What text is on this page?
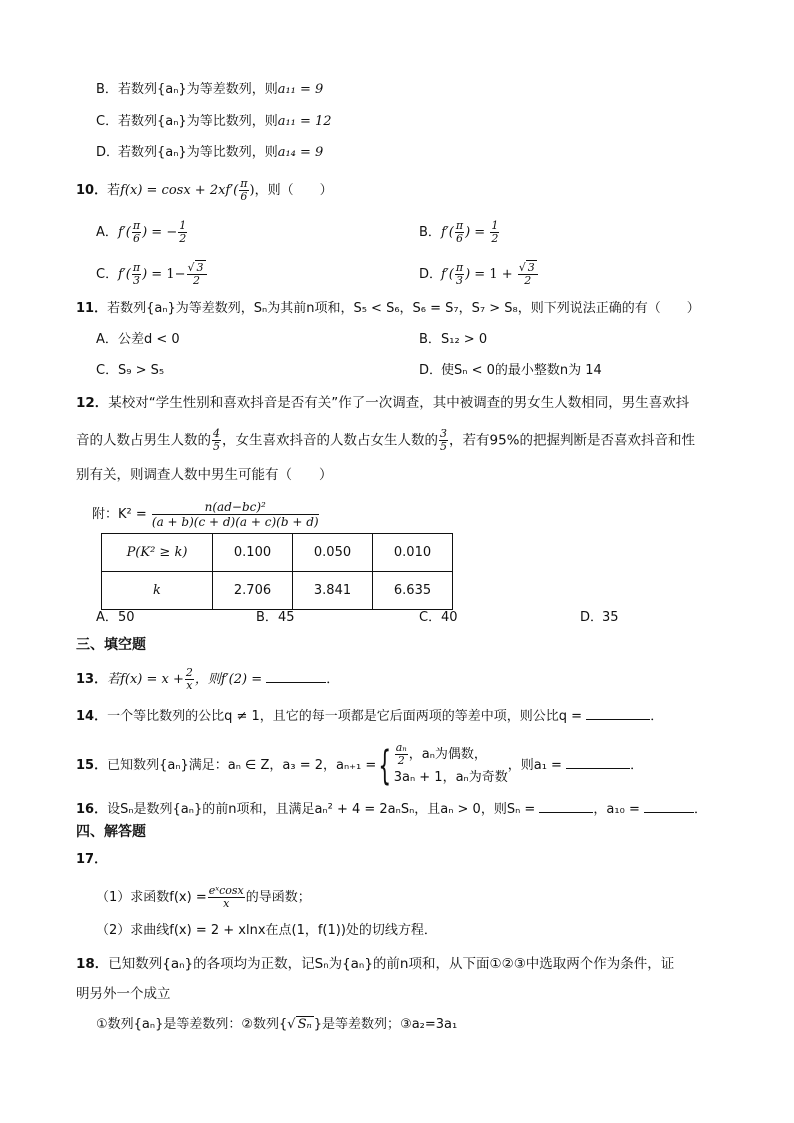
B．若数列{aₙ}为等差数列，则a₁₁ = 9
C．若数列{aₙ}为等比数列，则a₁₁ = 12
D．若数列{aₙ}为等比数列，则a₁₄ = 9
10．若$f(x) = \cos x + 2xf'( \frac{\pi}{6}$ )，则（　　）
A．$f'( \frac{\pi}{6}$ ) = − $\frac{1}{2}$	B．$f'( \frac{\pi}{6}$ ) = $\frac{1}{2}$
C．$f'( \frac{\pi}{3}$ ) = $1- \frac{√ 3}{2}$	D．$f'( \frac{\pi}{3}$ ) = $1 + \frac{√ 3}{2}$
11．若数列{aₙ}为等差数列，Sₙ为其前n项和，S₅ < S₆，S₆ = S₇，S₇ > S₈，则下列说法正确的有（　　）
A．公差d < 0	B．S₁₂ > 0
C．S₉ > S₅	D．使Sₙ < 0的最小整数n为 14
12．某校对“学生性别和喜欢抖音是否有关”作了一次调查，其中被调查的男女生人数相同，男生喜欢抖
音的人数占男生人数的 $\frac{4}{5}$ ，女生喜欢抖音的人数占女生人数的 $\frac{3}{5}$ ，若有95%的把握判断是否喜欢抖音和性
别有关，则调查人数中男生可能有（　　）
附：$K^2 = \frac{\text{n(ad−bc)²}}{(a + b)(c + d)(a + c)(b + d)}$
P(K² ≥ k)	0.100	0.050	0.010
k	2.706	3.841	6.635
A．50	B．45	C．40	D．35
三、填空题
13．若$f(x) = x + \frac{2}{x}$ ，则f′(2) =	．
14．一个等比数列的公比q ≠ 1，且它的每一项都是它后面两项的等差中项，则公比q =	．
15．已知数列{aₙ}满足：aₙ ∈ Z，a₃ = 2，aₙ₊₁ ={ $\frac{\text{aₙ}}{2}$ ，aₙ为偶数，
3aₙ + 1，aₙ为奇数
，则a₁ =	．
16．设Sₙ是数列{aₙ}的前n项和，且满足aₙ² + 4 = 2aₙSₙ，且aₙ > 0，则Sₙ =	，a₁₀ =	．
四、解答题
17．
（1）求函数$f(x) = \frac{\text{eˣcosx}}{x}$ 的导函数；
（2）求曲线f(x) = 2 + xlnx在点(1，f(1))处的切线方程．
18．已知数列{aₙ}的各项均为正数，记Sₙ为{aₙ}的前n项和，从下面①②③中选取两个作为条件，证
明另外一个成立
①数列{aₙ}是等差数列：②数列{√ Sₙ }是等差数列；③a₂=3a₁
